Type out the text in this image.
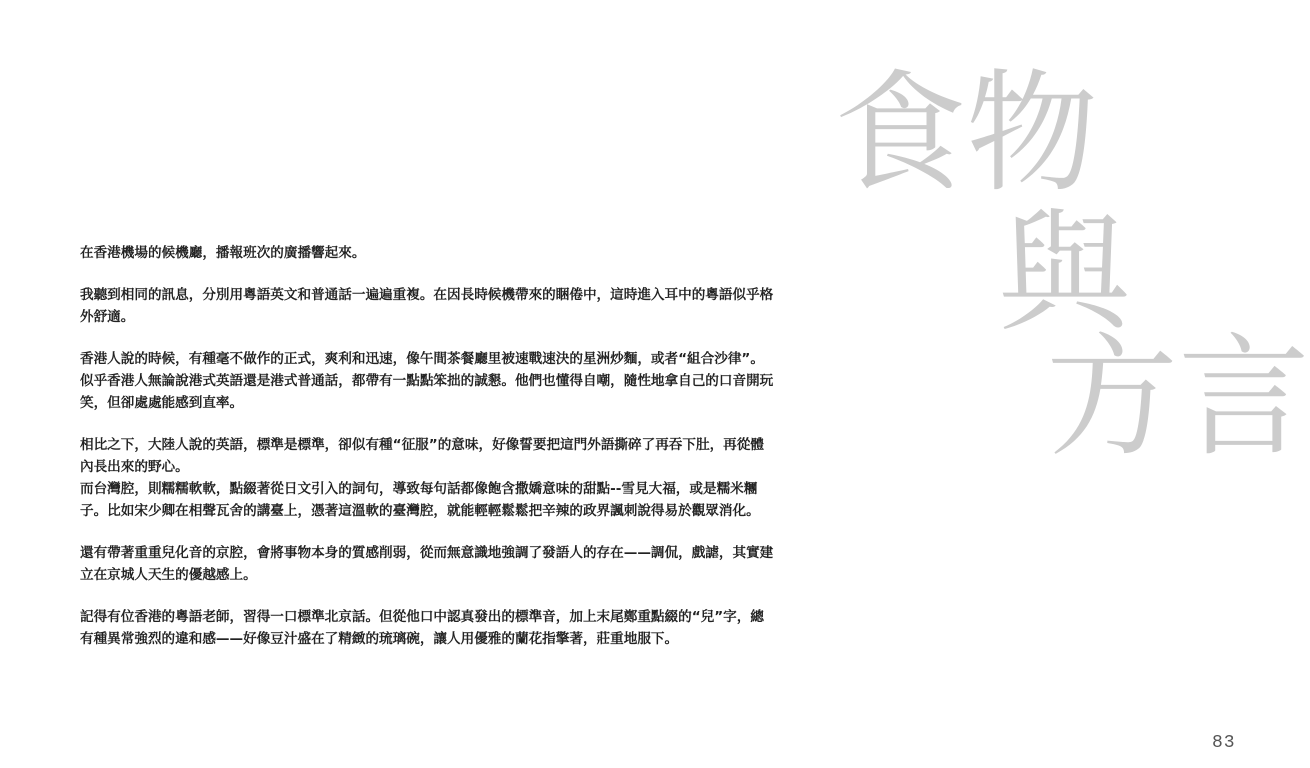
食物
與
方言

在香港機場的候機廳，播報班次的廣播響起來。

我聽到相同的訊息，分別用粵語英文和普通話一遍遍重複。在因長時候機帶來的睏倦中，這時進入耳中的粵語似乎格
外舒適。

香港人說的時候，有種毫不做作的正式，爽利和迅速，像午間茶餐廳里被速戰速決的星洲炒麵，或者“組合沙律”。
似乎香港人無論說港式英語還是港式普通話，都帶有一點點笨拙的誠懇。他們也懂得自嘲，隨性地拿自己的口音開玩
笑，但卻處處能感到直率。

相比之下，大陸人說的英語，標準是標準，卻似有種“征服”的意味，好像誓要把這門外語撕碎了再吞下肚，再從體
內長出來的野心。

而台灣腔，則糯糯軟軟，點綴著從日文引入的詞句，導致每句話都像飽含撒嬌意味的甜點--雪見大福，或是糯米糰
子。比如宋少卿在相聲瓦舍的講臺上，憑著這溫軟的臺灣腔，就能輕輕鬆鬆把辛辣的政界諷刺說得易於觀眾消化。

還有帶著重重兒化音的京腔，會將事物本身的質感削弱，從而無意識地強調了發語人的存在——調侃，戲謔，其實建
立在京城人天生的優越感上。

記得有位香港的粵語老師，習得一口標準北京話。但從他口中認真發出的標準音，加上末尾鄭重點綴的“兒”字，總
有種異常強烈的違和感——好像豆汁盛在了精緻的琉璃碗，讓人用優雅的蘭花指擎著，莊重地服下。

83
